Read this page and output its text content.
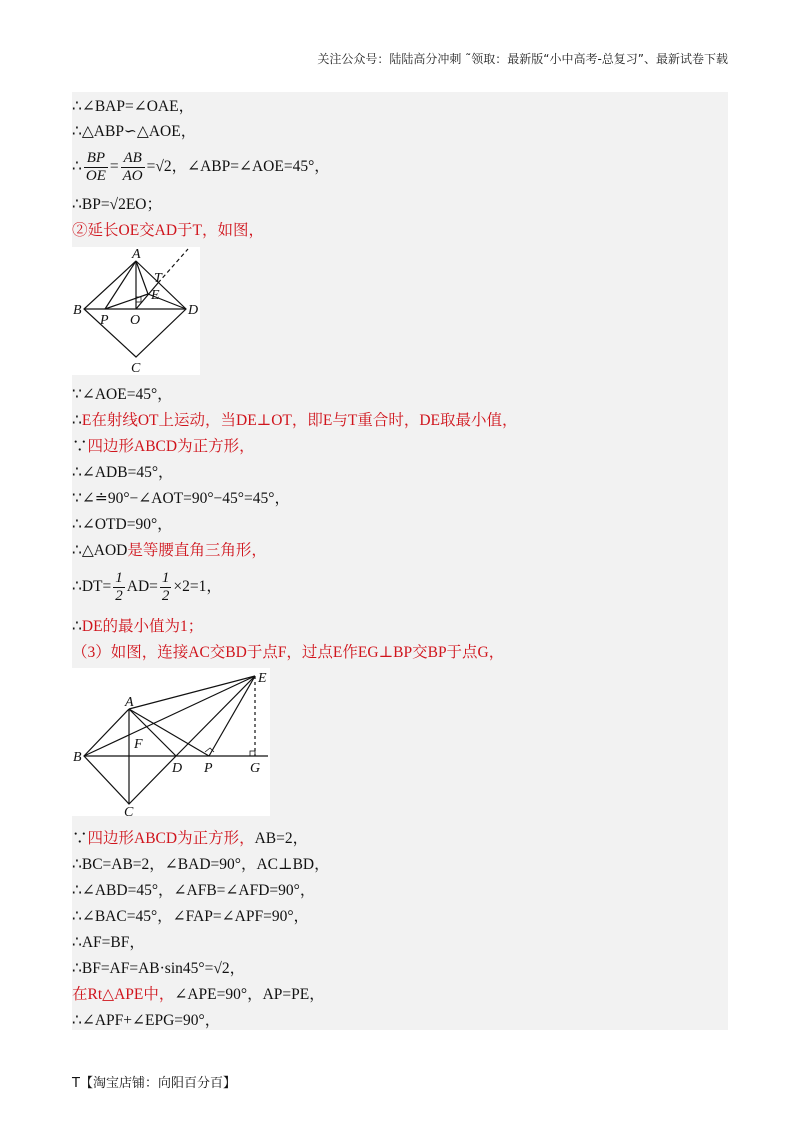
关注公众号：陆陆高分冲刺 ˜领取：最新版“小中高考-总复习”、最新试卷下载
∴∠BAP=∠OAE，
∴△ABP∽△AOE，
∴ $\frac{BP}{OE} = \frac{AB}{AO} =√2$，∠ABP=∠AOE=45°，
∴BP=√2EO；
②延长OE交AD于T，如图，
A
T
E
B
P O
D
C
∵∠AOE=45°，
∴E在射线OT上运动，当DE⊥OT，即E与T重合时，DE取最小值，
∵四边形ABCD为正方形，
∴∠ADB=45°，
∵∠≐90°−∠AOT=90°−45°=45°，
∴∠OTD=90°，
∴△AOD是等腰直角三角形，
∴DT= $\frac{1}{2} AD= \frac{1}{2} \times 2=1$，
∴DE的最小值为1；
（3）如图，连接AC交BD于点F，过点E作EG⊥BP交BP于点G，
E
A
F
B
D P	G
C
∵四边形ABCD为正方形，AB=2，
∴BC=AB=2，∠BAD=90°，AC⊥BD，
∴∠ABD=45°，∠AFB=∠AFD=90°，
∴∠BAC=45°，∠FAP=∠APF=90°，
∴AF=BF，
∴BF=AF=AB·sin45°=√2，
在Rt△APE中，∠APE=90°，AP=PE，
∴∠APF+∠EPG=90°，
T【淘宝店铺：向阳百分百】
